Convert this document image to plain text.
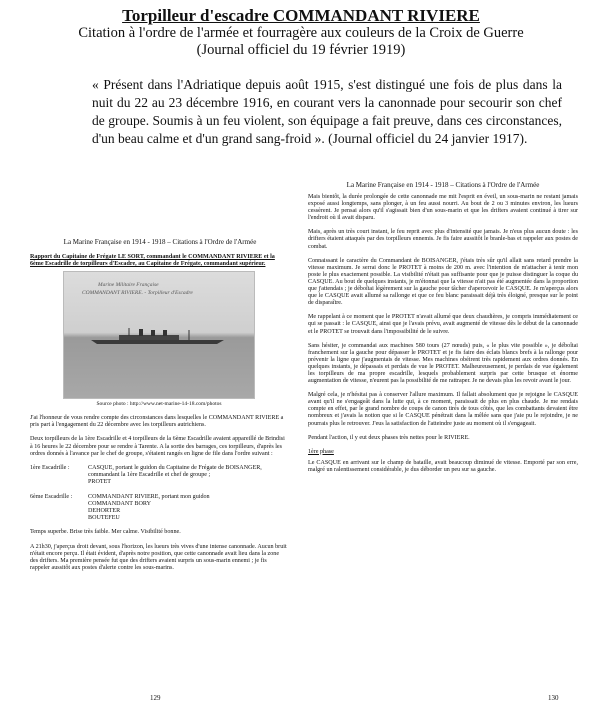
Torpilleur d'escadre COMMANDANT RIVIERE

Citation à l'ordre de l'armée et fourragère aux couleurs de la Croix de Guerre

(Journal officiel du 19 février 1919)

« Présent dans l'Adriatique depuis août 1915, s'est distingué une fois de plus dans la nuit du 22 au 23 décembre 1916, en courant vers la canonnade pour secourir son chef de groupe. Soumis à un feu violent, son équipage a fait preuve, dans ces circonstances, d'un beau calme et d'un grand sang-froid ». (Journal officiel du 24 janvier 1917).
La Marine Française en 1914 - 1918 – Citations à l'Ordre de l'Armée

Rapport du Capitaine de Frégate LE SORT, commandant le COMMANDANT RIVIERE et la 6ème Escadrille de torpilleurs d'Escadre, au Capitaine de Frégate, commandant supérieur.

Marine Militaire Française
COMMANDANT RIVIERE. - Torpilleur d'Escadre
Source photo : http://www.net-marine-14-18.com/photos

J'ai l'honneur de vous rendre compte des circonstances dans lesquelles le COMMANDANT RIVIERE a pris part à l'engagement du 22 décembre avec les torpilleurs autrichiens.

Deux torpilleurs de la 1ère Escadrille et 4 torpilleurs de la 6ème Escadrille avaient appareillé de Brindisi à 16 heures le 22 décembre pour se rendre à Tarente. A la sortie des barrages, ces torpilleurs, d'après les ordres donnés à l'avance par le chef de groupe, s'étaient rangés en ligne de file dans l'ordre suivant :

1ère Escadrille :	CASQUE, portant le guidon du Capitaine de Frégate de BOISANGER, commandant la 1ère Escadrille et chef de groupe ;
PROTET
6ème Escadrille :	COMMANDANT RIVIERE, portant mon guidon
COMMANDANT BORY
DEHORTER
BOUTEFEU

Temps superbe. Brise très faible. Mer calme. Visibilité bonne.

A 21h30, j'aperçus droit devant, sous l'horizon, les lueurs très vives d'une intense canonnade. Aucun bruit n'était encore perçu. Il était évident, d'après notre position, que cette canonnade avait lieu dans la zone des drifters. Ma première pensée fut que des drifters avaient surpris un sous-marin ennemi ; je fis rappeler aussitôt aux postes d'alerte contre les sous-marins.

La Marine Française en 1914 - 1918 – Citations à l'Ordre de l'Armée

Mais bientôt, la durée prolongée de cette canonnade me mit l'esprit en éveil, un sous-marin ne restant jamais exposé aussi longtemps, sans plonger, à un feu aussi nourri. Au bout de 2 ou 3 minutes environ, les lueurs cessèrent. Je pensai alors qu'il s'agissait bien d'un sous-marin et que les drifters avaient continué à tirer sur l'endroit où il avait disparu.

Mais, après un très court instant, le feu reprit avec plus d'intensité que jamais. Je n'eus plus aucun doute : les drifters étaient attaqués par des torpilleurs ennemis. Je fis faire aussitôt le branle-bas et rappeler aux postes de combat.

Connaissant le caractère du Commandant de BOISANGER, j'étais très sûr qu'il allait sans retard prendre la vitesse maximum. Je serrai donc le PROTET à moins de 200 m. avec l'intention de m'attacher à tenir mon poste le plus exactement possible. La visibilité n'était pas suffisante pour que je puisse distinguer la coque du CASQUE. Au bout de quelques instants, je m'étonnai que la vitesse n'ait pas été augmentée dans la proportion que j'attendais ; je déboîtai légèrement sur la gauche pour tâcher d'apercevoir le CASQUE. Je m'aperçus alors que le CASQUE avait allumé sa rallonge et que ce feu blanc paraissait déjà très éloigné, presque sur le point de disparaître.

Me rappelant à ce moment que le PROTET n'avait allumé que deux chaudières, je compris immédiatement ce qui se passait : le CASQUE, ainsi que je l'avais prévu, avait augmenté de vitesse dès le début de la canonnade et le PROTET se trouvait dans l'impossibilité de le suivre.

Sans hésiter, je commandai aux machines 580 tours (27 nœuds) puis, « le plus vite possible », je déboîtai franchement sur la gauche pour dépasser le PROTET et je fis faire des éclats blancs brefs à la rallonge pour prévenir la ligne que j'augmentais de vitesse. Mes machines obéirent très rapidement aux ordres donnés. En quelques instants, je dépassais et perdais de vue le PROTET. Malheureusement, je perdais de vue également les torpilleurs de ma propre escadrille, lesquels probablement surpris par cette brusque et énorme augmentation de vitesse, n'eurent pas la possibilité de me rattraper. Je ne devais plus les revoir avant le jour.

Malgré cela, je n'hésitai pas à conserver l'allure maximum. Il fallait absolument que je rejoigne le CASQUE avant qu'il ne s'engageât dans la lutte qui, à ce moment, paraissait de plus en plus chaude. Je me rendais compte en effet, par le grand nombre de coups de canon tirés de tous côtés, que les combattants devaient être nombreux et j'avais la notion que si le CASQUE pénétrait dans la mêlée sans que j'aie pu le rejoindre, je ne pourrais plus le retrouver. J'eus la satisfaction de l'atteindre juste au moment où il s'engageait.

Pendant l'action, il y eut deux phases très nettes pour le RIVIERE.

1ère phase

Le CASQUE en arrivant sur le champ de bataille, avait beaucoup diminué de vitesse. Emporté par son erre, malgré un ralentissement considérable, je dus déborder un peu sur sa gauche.

129	130
